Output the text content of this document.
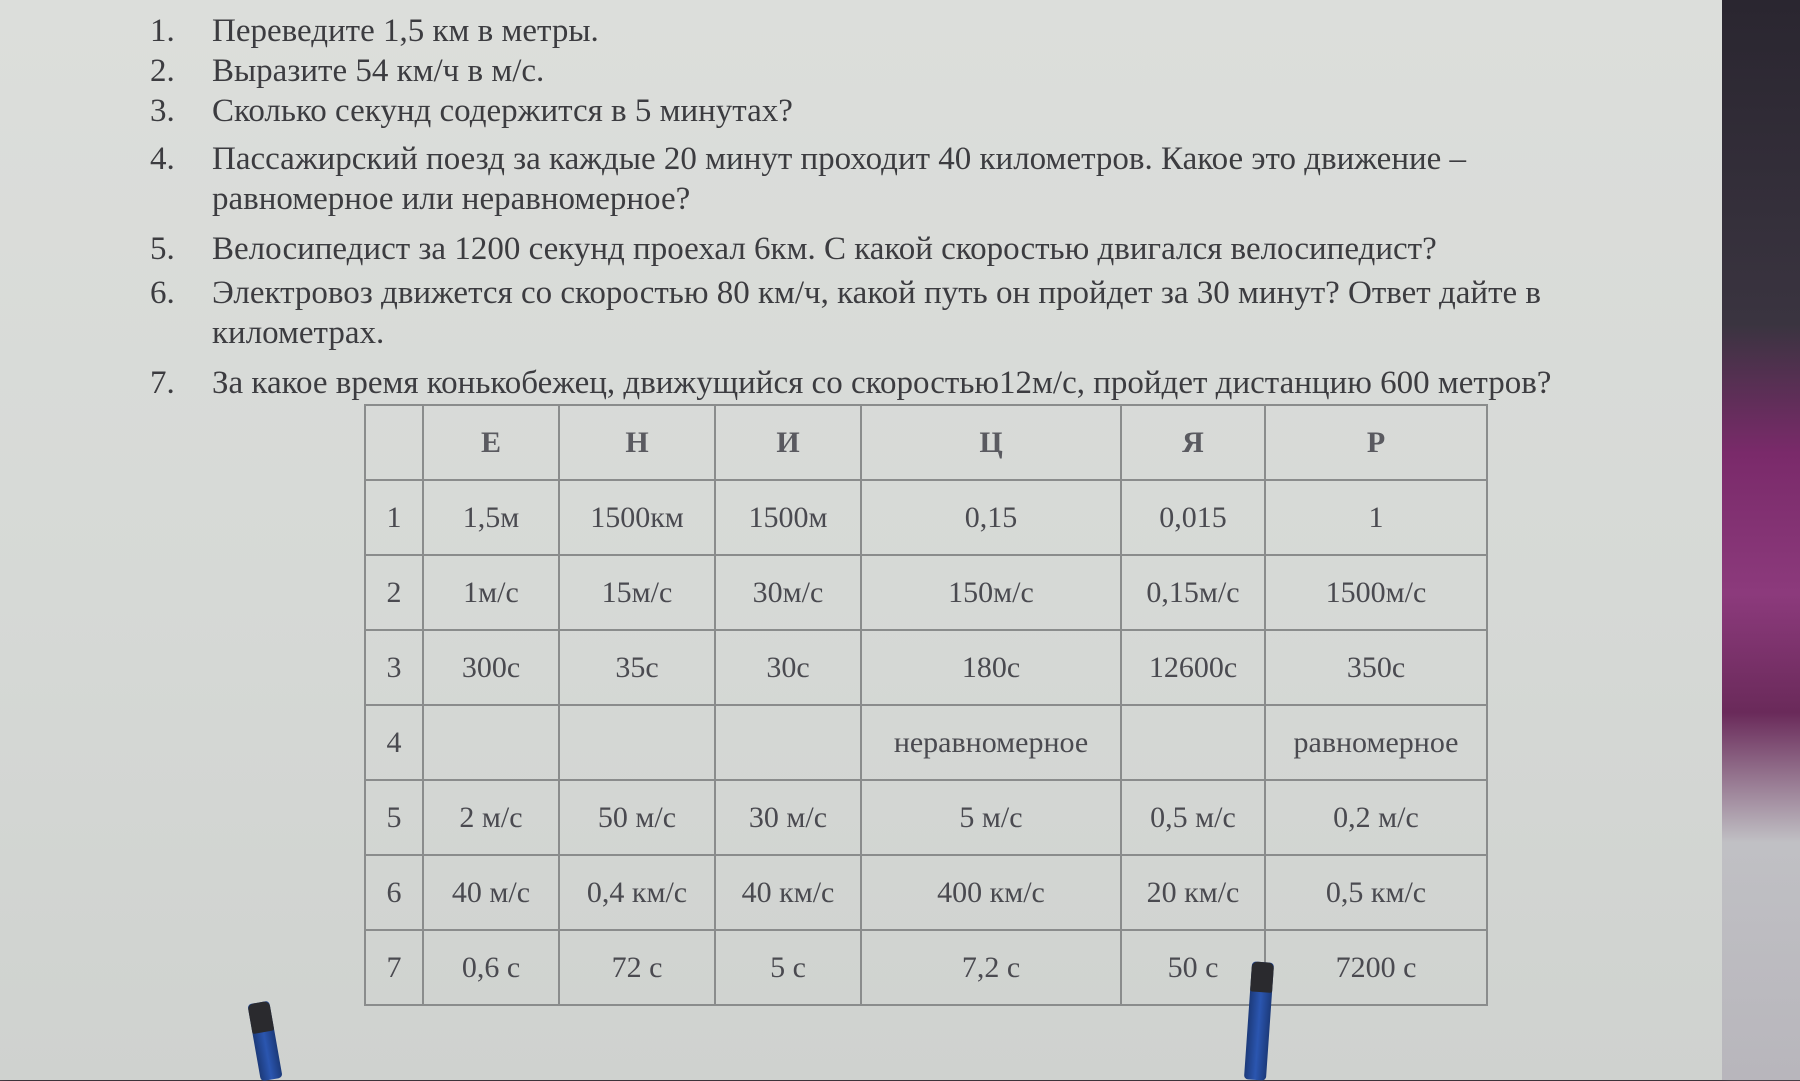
1.	Переведите 1,5 км в метры.
2.	Выразите 54 км/ч в м/с.
3.	Сколько секунд содержится в 5 минутах?
4.	Пассажирский поезд за каждые 20 минут проходит 40 километров. Какое это движение –
равномерное или неравномерное?
5.	Велосипедист за 1200 секунд проехал 6км. С какой скоростью двигался велосипедист?
6.	Электровоз движется со скоростью 80 км/ч, какой путь он пройдет за 30 минут? Ответ дайте в
километрах.
7.	За какое время конькобежец, движущийся со скоростью12м/с, пройдет дистанцию 600 метров?
	Е	Н	И	Ц	Я	Р
1	1,5м	1500км	1500м	0,15	0,015	1
2	1м/с	15м/с	30м/с	150м/с	0,15м/с	1500м/с
3	300с	35с	30с	180с	12600с	350с
4				неравномерное		равномерное
5	2 м/с	50 м/с	30 м/с	5 м/с	0,5 м/с	0,2 м/с
6	40 м/с	0,4 км/с	40 км/с	400 км/с	20 км/с	0,5 км/с
7	0,6 с	72 с	5 с	7,2 с	50 с	7200 с
